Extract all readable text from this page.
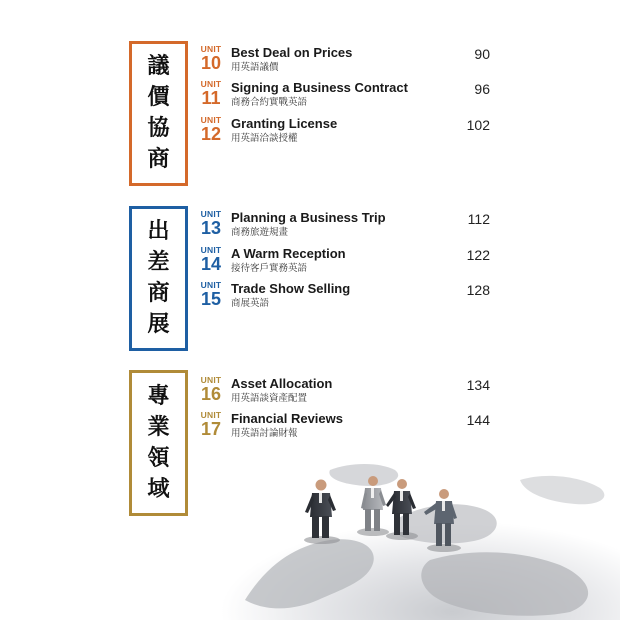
議
價
協
商
UNIT
10
Best Deal on Prices
用英語議價
90
UNIT
11
Signing a Business Contract
商務合約實戰英語
96
UNIT
12
Granting License
用英語洽談授權
102
出
差
商
展
UNIT
13
Planning a Business Trip
商務旅遊規畫
112
UNIT
14
A Warm Reception
接待客戶實務英語
122
UNIT
15
Trade Show Selling
商展英語
128
專
業
領
域
UNIT
16
Asset Allocation
用英語談資產配置
134
UNIT
17
Financial Reviews
用英語討論財報
144
